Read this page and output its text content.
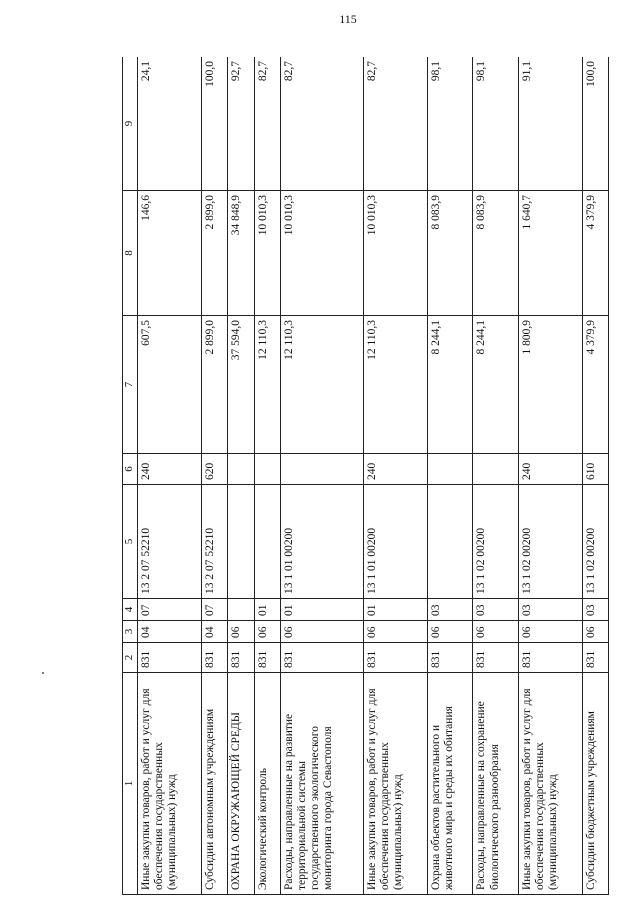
115
1	2	3	4	5	6	7	8	9
Иные закупки товаров, работ и услуг для обеспечения государственных (муниципальных) нужд	831	04	07	13 2 07 52210	240	607,5	146,6	24,1
Субсидии автономным учреждениям	831	04	07	13 2 07 52210	620	2 899,0	2 899,0	100,0
ОХРАНА ОКРУЖАЮЩЕЙ СРЕДЫ	831	06				37 594,0	34 848,9	92,7
Экологический контроль	831	06	01			12 110,3	10 010,3	82,7
Расходы, направленные на развитие территориальной системы государственного экологического мониторинга города Севастополя	831	06	01	13 1 01 00200		12 110,3	10 010,3	82,7
Иные закупки товаров, работ и услуг для обеспечения государственных (муниципальных) нужд	831	06	01	13 1 01 00200	240	12 110,3	10 010,3	82,7
Охрана объектов растительного и животного мира и среды их обитания	831	06	03			8 244,1	8 083,9	98,1
Расходы, направленные на сохранение биологического разнообразия	831	06	03	13 1 02 00200		8 244,1	8 083,9	98,1
Иные закупки товаров, работ и услуг для обеспечения государственных (муниципальных) нужд	831	06	03	13 1 02 00200	240	1 800,9	1 640,7	91,1
Субсидии бюджетным учреждениям	831	06	03	13 1 02 00200	610	4 379,9	4 379,9	100,0
